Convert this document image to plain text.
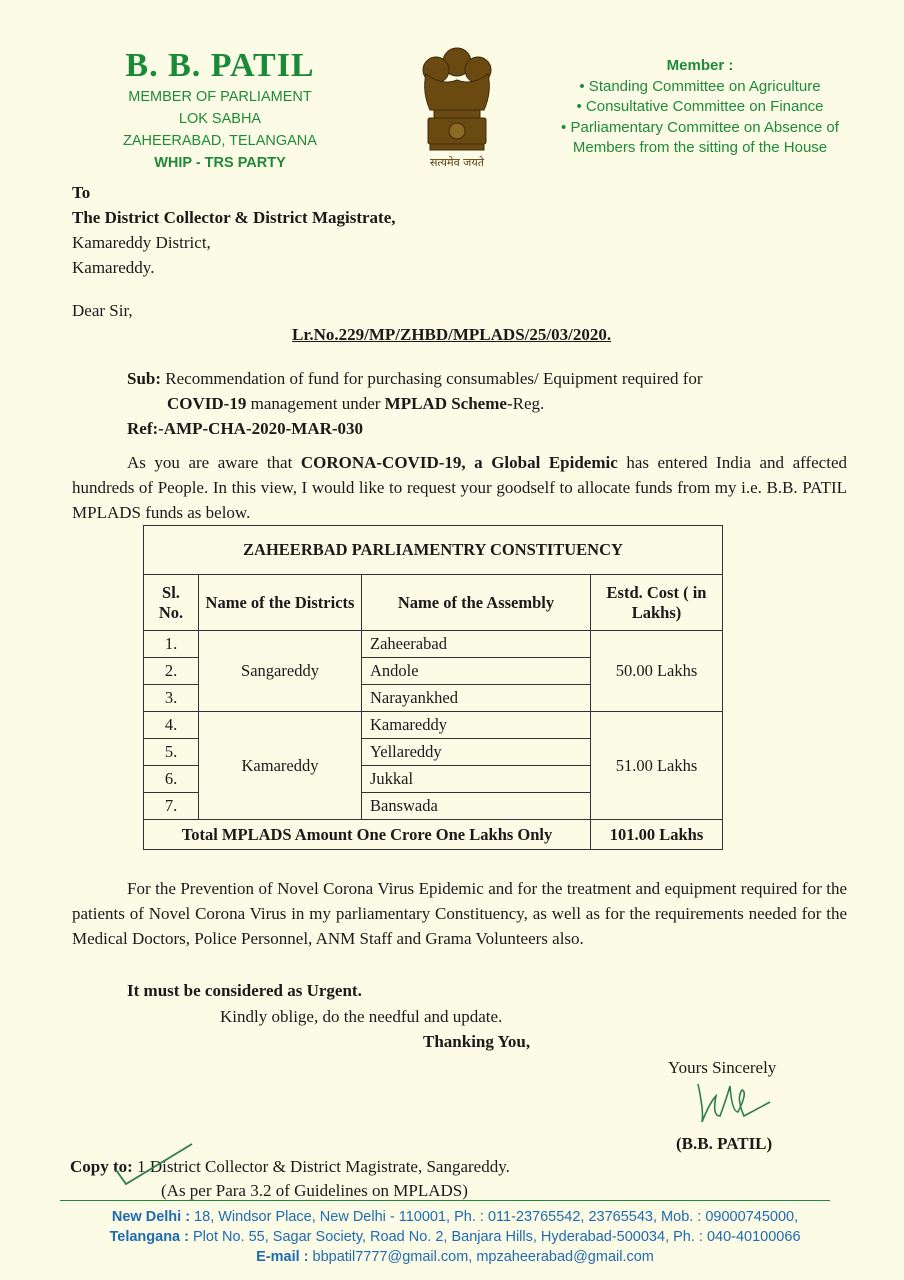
B. B. PATIL
MEMBER OF PARLIAMENT
LOK SABHA
ZAHEERABAD, TELANGANA
WHIP - TRS PARTY	सत्यमेव जयते
Member :
• Standing Committee on Agriculture
• Consultative Committee on Finance
• Parliamentary Committee on Absence of
Members from the sitting of the House
To
The District Collector & District Magistrate,
Kamareddy District,
Kamareddy.
Dear Sir,
Lr.No.229/MP/ZHBD/MPLADS/25/03/2020.
Sub: Recommendation of fund for purchasing consumables/ Equipment required for
COVID-19 management under MPLAD Scheme-Reg.
Ref:-AMP-CHA-2020-MAR-030
As you are aware that CORONA-COVID-19, a Global Epidemic has entered India and affected hundreds of People. In this view, I would like to request your goodself to allocate funds from my i.e. B.B. PATIL MPLADS funds as below.
ZAHEERBAD PARLIAMENTRY CONSTITUENCY			
Sl. No.	Name of the Districts	Name of the Assembly	Estd. Cost ( in Lakhs)
1.	Sangareddy	Zaheerabad	50.00 Lakhs
2.		Andole	
3.		Narayankhed	
4.	Kamareddy	Kamareddy	51.00 Lakhs
5.		Yellareddy	
6.		Jukkal	
7.		Banswada	
Total MPLADS Amount One Crore One Lakhs Only			101.00 Lakhs
For the Prevention of Novel Corona Virus Epidemic and for the treatment and equipment required for the patients of Novel Corona Virus in my parliamentary Constituency, as well as for the requirements needed for the Medical Doctors, Police Personnel, ANM Staff and Grama Volunteers also.
It must be considered as Urgent.
Kindly oblige, do the needful and update.
Thanking You,
Yours Sincerely
(B.B. PATIL)
Copy to: 1.District Collector & District Magistrate, Sangareddy.
(As per Para 3.2 of Guidelines on MPLADS)
New Delhi : 18, Windsor Place, New Delhi - 110001, Ph. : 011-23765542, 23765543, Mob. : 09000745000,
Telangana : Plot No. 55, Sagar Society, Road No. 2, Banjara Hills, Hyderabad-500034, Ph. : 040-40100066
E-mail : bbpatil7777@gmail.com, mpzaheerabad@gmail.com
